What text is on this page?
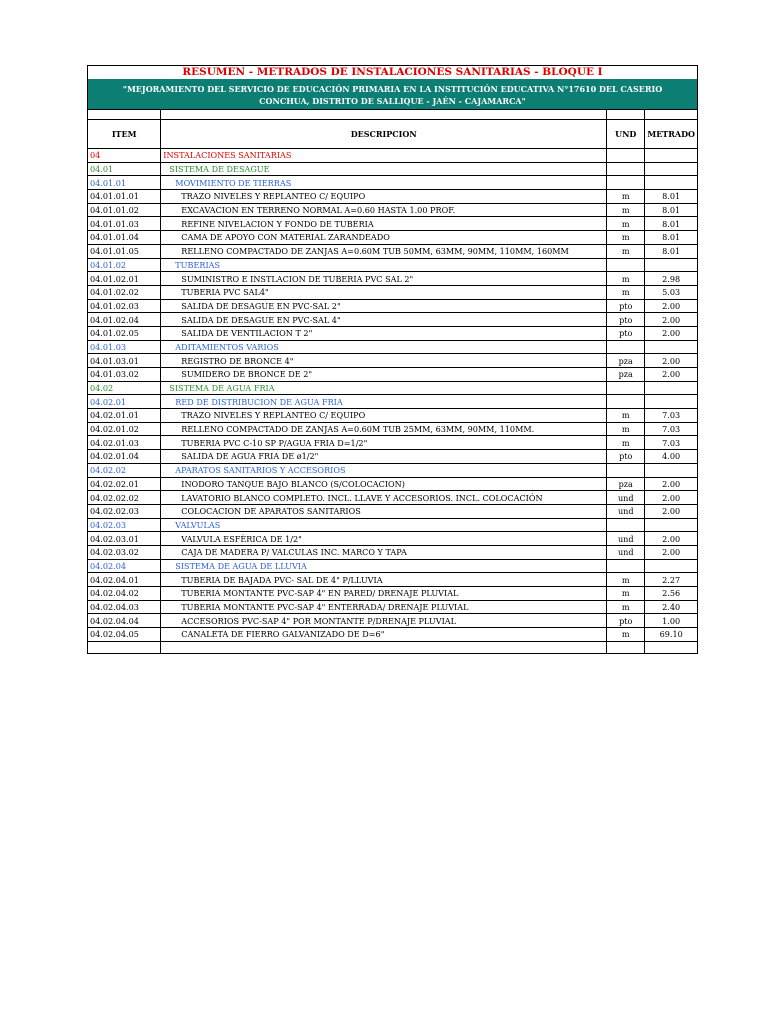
RESUMEN - METRADOS DE INSTALACIONES SANITARIAS - BLOQUE I
"MEJORAMIENTO DEL SERVICIO DE EDUCACIÓN PRIMARIA EN LA INSTITUCIÓN EDUCATIVA N°17610 DEL CASERIO
CONCHUA, DISTRITO DE SALLIQUE - JAÉN - CAJAMARCA"

ITEM	DESCRIPCION	UND	METRADO
04	INSTALACIONES SANITARIAS		
04.01	SISTEMA DE DESAGUE		
04.01.01	MOVIMIENTO DE TIERRAS		
04.01.01.01	TRAZO NIVELES Y REPLANTEO C/ EQUIPO	m	8.01
04.01.01.02	EXCAVACION EN TERRENO NORMAL A=0.60 HASTA 1.00 PROF.	m	8.01
04.01.01.03	REFINE NIVELACION Y FONDO DE TUBERIA	m	8.01
04.01.01.04	CAMA DE APOYO CON MATERIAL ZARANDEADO	m	8.01
04.01.01.05	RELLENO COMPACTADO DE ZANJAS A=0.60M TUB 50MM, 63MM, 90MM, 110MM, 160MM	m	8.01
04.01.02	TUBERIAS		
04.01.02.01	SUMINISTRO E INSTLACION DE TUBERIA PVC SAL 2"	m	2.98
04.01.02.02	TUBERIA PVC SAL4"	m	5.03
04.01.02.03	SALIDA DE DESAGUE EN PVC-SAL 2"	pto	2.00
04.01.02.04	SALIDA DE DESAGUE EN PVC-SAL 4"	pto	2.00
04.01.02.05	SALIDA DE VENTILACION T 2"	pto	2.00
04.01.03	ADITAMIENTOS VARIOS		
04.01.03.01	REGISTRO DE BRONCE 4"	pza	2.00
04.01.03.02	SUMIDERO DE BRONCE DE 2"	pza	2.00
04.02	SISTEMA DE AGUA FRIA		
04.02.01	RED DE DISTRIBUCION DE AGUA FRIA		
04.02.01.01	TRAZO NIVELES Y REPLANTEO C/ EQUIPO	m	7.03
04.02.01.02	RELLENO COMPACTADO DE ZANJAS A=0.60M TUB 25MM, 63MM, 90MM, 110MM.	m	7.03
04.02.01.03	TUBERIA PVC C-10 SP P/AGUA FRIA D=1/2"	m	7.03
04.02.01.04	SALIDA DE AGUA FRIA DE ø1/2"	pto	4.00
04.02.02	APARATOS SANITARIOS Y ACCESORIOS		
04.02.02.01	INODORO TANQUE BAJO BLANCO (S/COLOCACION)	pza	2.00
04.02.02.02	LAVATORIO BLANCO COMPLETO. INCL. LLAVE Y ACCESORIOS. INCL. COLOCACIÓN	und	2.00
04.02.02.03	COLOCACION DE APARATOS SANITARIOS	und	2.00
04.02.03	VALVULAS		
04.02.03.01	VALVULA ESFÈRICA DE 1/2"	und	2.00
04.02.03.02	CAJA DE MADERA P/ VALCULAS INC. MARCO Y TAPA	und	2.00
04.02.04	SISTEMA DE AGUA DE LLUVIA		
04.02.04.01	TUBERIA DE BAJADA PVC- SAL DE 4" P/LLUVIA	m	2.27
04.02.04.02	TUBERIA MONTANTE PVC-SAP 4" EN PARED/ DRENAJE PLUVIAL	m	2.56
04.02.04.03	TUBERIA MONTANTE PVC-SAP 4" ENTERRADA/ DRENAJE PLUVIAL	m	2.40
04.02.04.04	ACCESORIOS PVC-SAP 4" POR MONTANTE P/DRENAJE PLUVIAL	pto	1.00
04.02.04.05	CANALETA DE FIERRO GALVANIZADO DE D=6"	m	69.10
